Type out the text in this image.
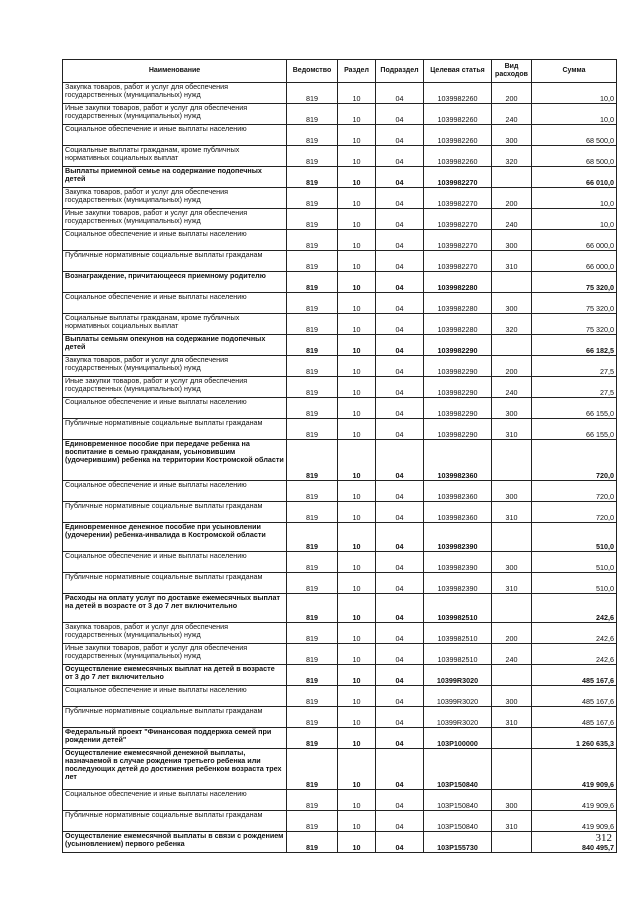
Наименование	Ведомство	Раздел	Подраздел	Целевая статья	Вид расходов	Сумма
Закупка товаров, работ и услуг для обеспечения государственных (муниципальных) нужд	819	10	04	1039982260	200	10,0
Иные закупки товаров, работ и услуг для обеспечения государственных (муниципальных) нужд	819	10	04	1039982260	240	10,0
Социальное обеспечение и иные выплаты населению	819	10	04	1039982260	300	68 500,0
Социальные выплаты гражданам, кроме публичных нормативных социальных выплат	819	10	04	1039982260	320	68 500,0
Выплаты приемной семье на содержание подопечных детей	819	10	04	1039982270		66 010,0
Закупка товаров, работ и услуг для обеспечения государственных (муниципальных) нужд	819	10	04	1039982270	200	10,0
Иные закупки товаров, работ и услуг для обеспечения государственных (муниципальных) нужд	819	10	04	1039982270	240	10,0
Социальное обеспечение и иные выплаты населению	819	10	04	1039982270	300	66 000,0
Публичные нормативные социальные выплаты гражданам	819	10	04	1039982270	310	66 000,0
Вознаграждение, причитающееся приемному родителю	819	10	04	1039982280		75 320,0
Социальное обеспечение и иные выплаты населению	819	10	04	1039982280	300	75 320,0
Социальные выплаты гражданам, кроме публичных нормативных социальных выплат	819	10	04	1039982280	320	75 320,0
Выплаты семьям опекунов на содержание подопечных детей	819	10	04	1039982290		66 182,5
Закупка товаров, работ и услуг для обеспечения государственных (муниципальных) нужд	819	10	04	1039982290	200	27,5
Иные закупки товаров, работ и услуг для обеспечения государственных (муниципальных) нужд	819	10	04	1039982290	240	27,5
Социальное обеспечение и иные выплаты населению	819	10	04	1039982290	300	66 155,0
Публичные нормативные социальные выплаты гражданам	819	10	04	1039982290	310	66 155,0
Единовременное пособие при передаче ребенка на воспитание в семью гражданам, усыновившим (удочерившим) ребенка на территории Костромской области	819	10	04	1039982360		720,0
Социальное обеспечение и иные выплаты населению	819	10	04	1039982360	300	720,0
Публичные нормативные социальные выплаты гражданам	819	10	04	1039982360	310	720,0
Единовременное денежное пособие при усыновлении (удочерении) ребенка-инвалида в Костромской области	819	10	04	1039982390		510,0
Социальное обеспечение и иные выплаты населению	819	10	04	1039982390	300	510,0
Публичные нормативные социальные выплаты гражданам	819	10	04	1039982390	310	510,0
Расходы на оплату услуг по доставке ежемесячных выплат на детей в возрасте от 3 до 7 лет включительно	819	10	04	1039982510		242,6
Закупка товаров, работ и услуг для обеспечения государственных (муниципальных) нужд	819	10	04	1039982510	200	242,6
Иные закупки товаров, работ и услуг для обеспечения государственных (муниципальных) нужд	819	10	04	1039982510	240	242,6
Осуществление ежемесячных выплат на детей в возрасте от 3 до 7 лет включительно	819	10	04	10399R3020		485 167,6
Социальное обеспечение и иные выплаты населению	819	10	04	10399R3020	300	485 167,6
Публичные нормативные социальные выплаты гражданам	819	10	04	10399R3020	310	485 167,6
Федеральный проект "Финансовая поддержка семей при рождении детей"	819	10	04	103P100000		1 260 635,3
Осуществление ежемесячной денежной выплаты, назначаемой в случае рождения третьего ребенка или последующих детей до достижения ребенком возраста трех лет	819	10	04	103P150840		419 909,6
Социальное обеспечение и иные выплаты населению	819	10	04	103P150840	300	419 909,6
Публичные нормативные социальные выплаты гражданам	819	10	04	103P150840	310	419 909,6
Осуществление ежемесячной выплаты в связи с рождением (усыновлением) первого ребенка	819	10	04	103P155730		840 495,7
312
